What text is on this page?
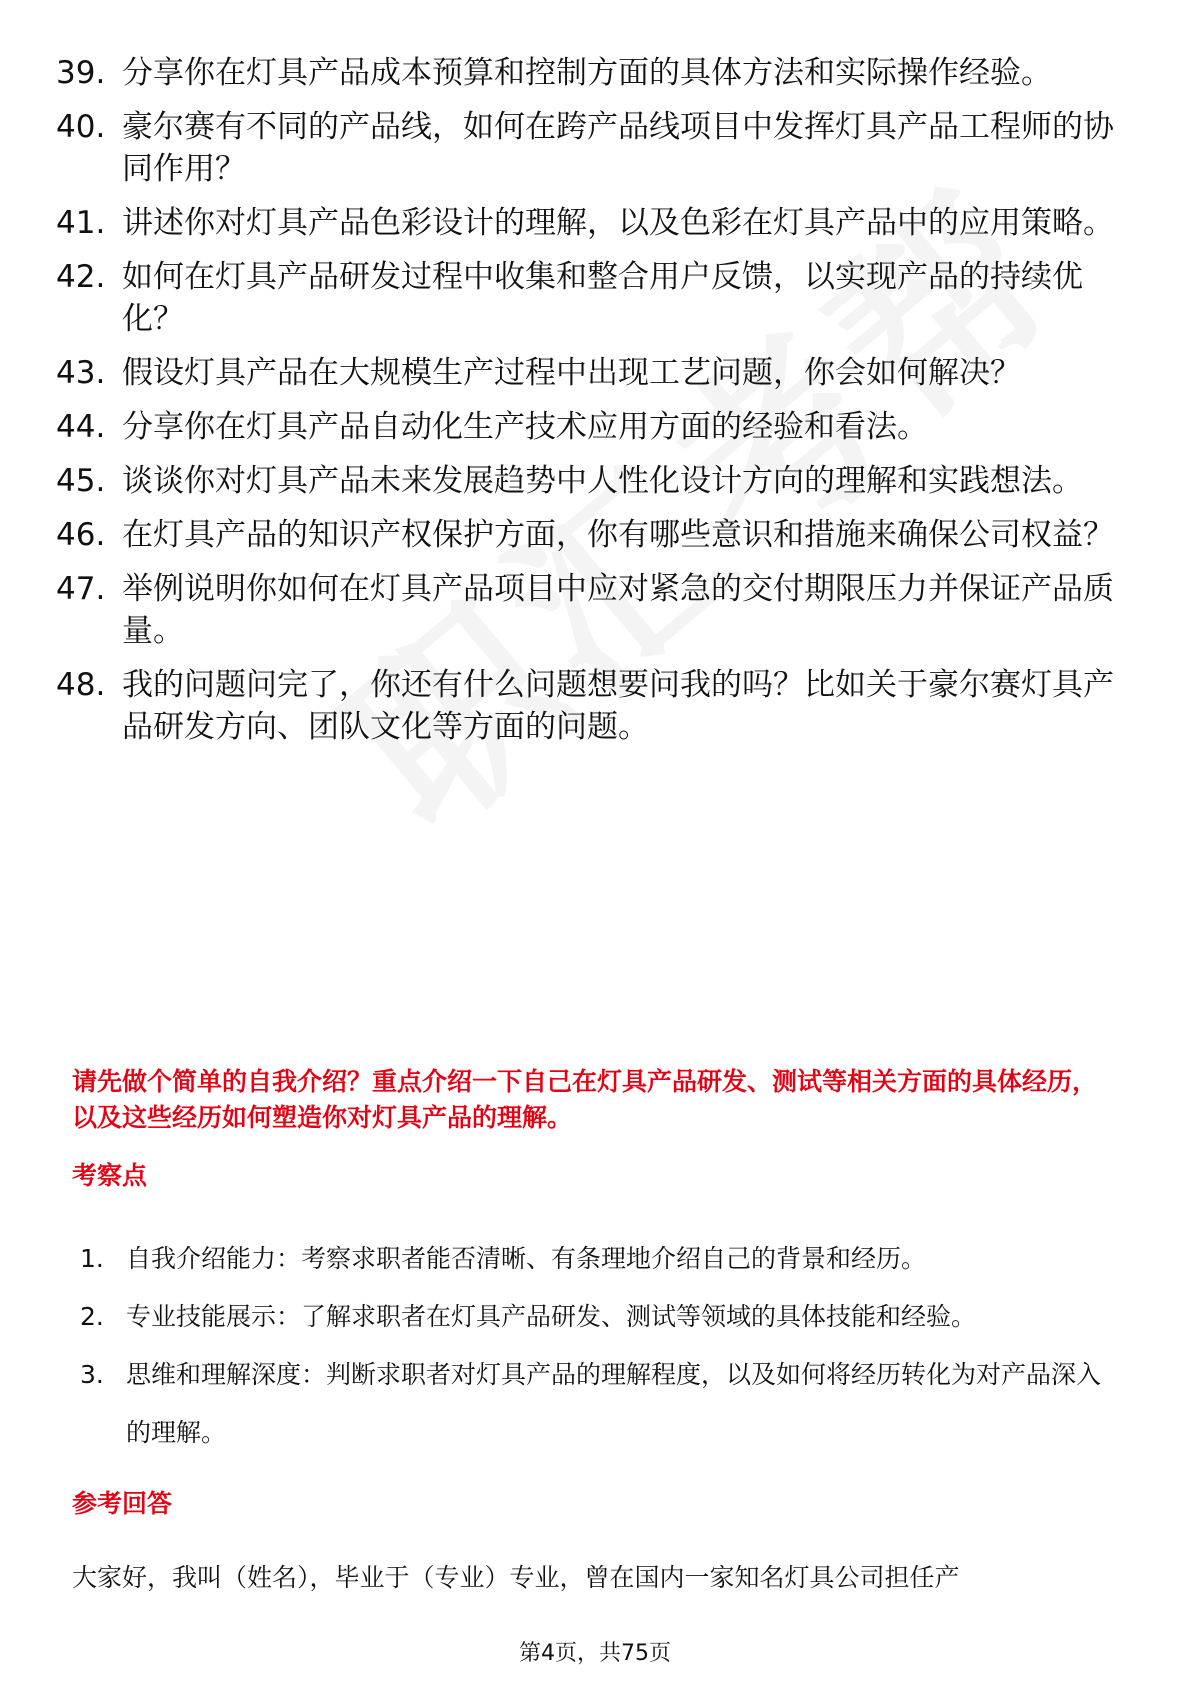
39. 分享你在灯具产品成本预算和控制方面的具体方法和实际操作经验。
40. 豪尔赛有不同的产品线，如何在跨产品线项目中发挥灯具产品工程师的协同作用？
41. 讲述你对灯具产品色彩设计的理解，以及色彩在灯具产品中的应用策略。
42. 如何在灯具产品研发过程中收集和整合用户反馈，以实现产品的持续优化？
43. 假设灯具产品在大规模生产过程中出现工艺问题，你会如何解决？
44. 分享你在灯具产品自动化生产技术应用方面的经验和看法。
45. 谈谈你对灯具产品未来发展趋势中人性化设计方向的理解和实践想法。
46. 在灯具产品的知识产权保护方面，你有哪些意识和措施来确保公司权益？
47. 举例说明你如何在灯具产品项目中应对紧急的交付期限压力并保证产品质量。
48. 我的问题问完了，你还有什么问题想要问我的吗？比如关于豪尔赛灯具产品研发方向、团队文化等方面的问题。
请先做个简单的自我介绍？重点介绍一下自己在灯具产品研发、测试等相关方面的具体经历，以及这些经历如何塑造你对灯具产品的理解。
考察点
1. 自我介绍能力：考察求职者能否清晰、有条理地介绍自己的背景和经历。
2. 专业技能展示：了解求职者在灯具产品研发、测试等领域的具体技能和经验。
3. 思维和理解深度：判断求职者对灯具产品的理解程度，以及如何将经历转化为对产品深入的理解。
参考回答
大家好，我叫（姓名），毕业于（专业）专业，曾在国内一家知名灯具公司担任产
第4页，共75页
